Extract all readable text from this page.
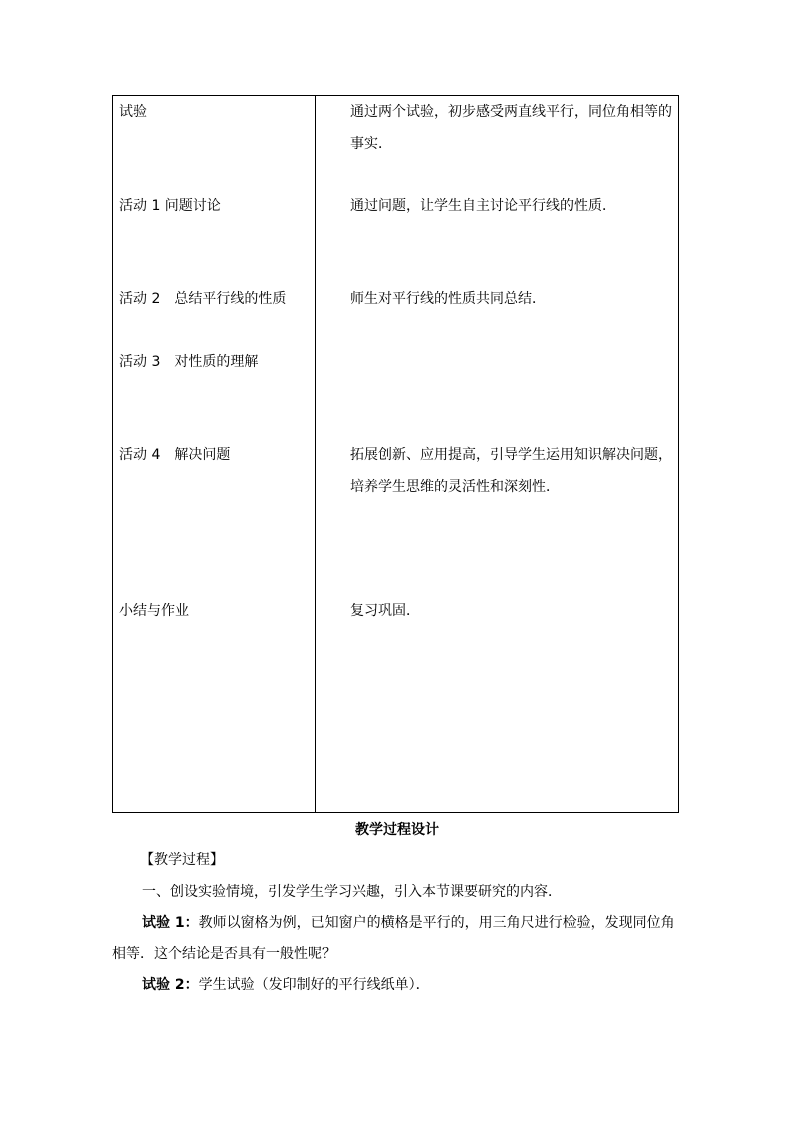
试验
活动 1 问题讨论
活动 2　总结平行线的性质
活动 3　对性质的理解
活动 4　解决问题
小结与作业
通过两个试验，初步感受两直线平行，同位角相等的事实．
通过问题，让学生自主讨论平行线的性质．
师生对平行线的性质共同总结．
拓展创新、应用提高，引导学生运用知识解决问题，培养学生思维的灵活性和深刻性．
复习巩固．
教学过程设计
【教学过程】
一、创设实验情境，引发学生学习兴趣，引入本节课要研究的内容．
试验 1：教师以窗格为例，已知窗户的横格是平行的，用三角尺进行检验，发现同位角
相等．这个结论是否具有一般性呢？
试验 2：学生试验（发印制好的平行线纸单）．
